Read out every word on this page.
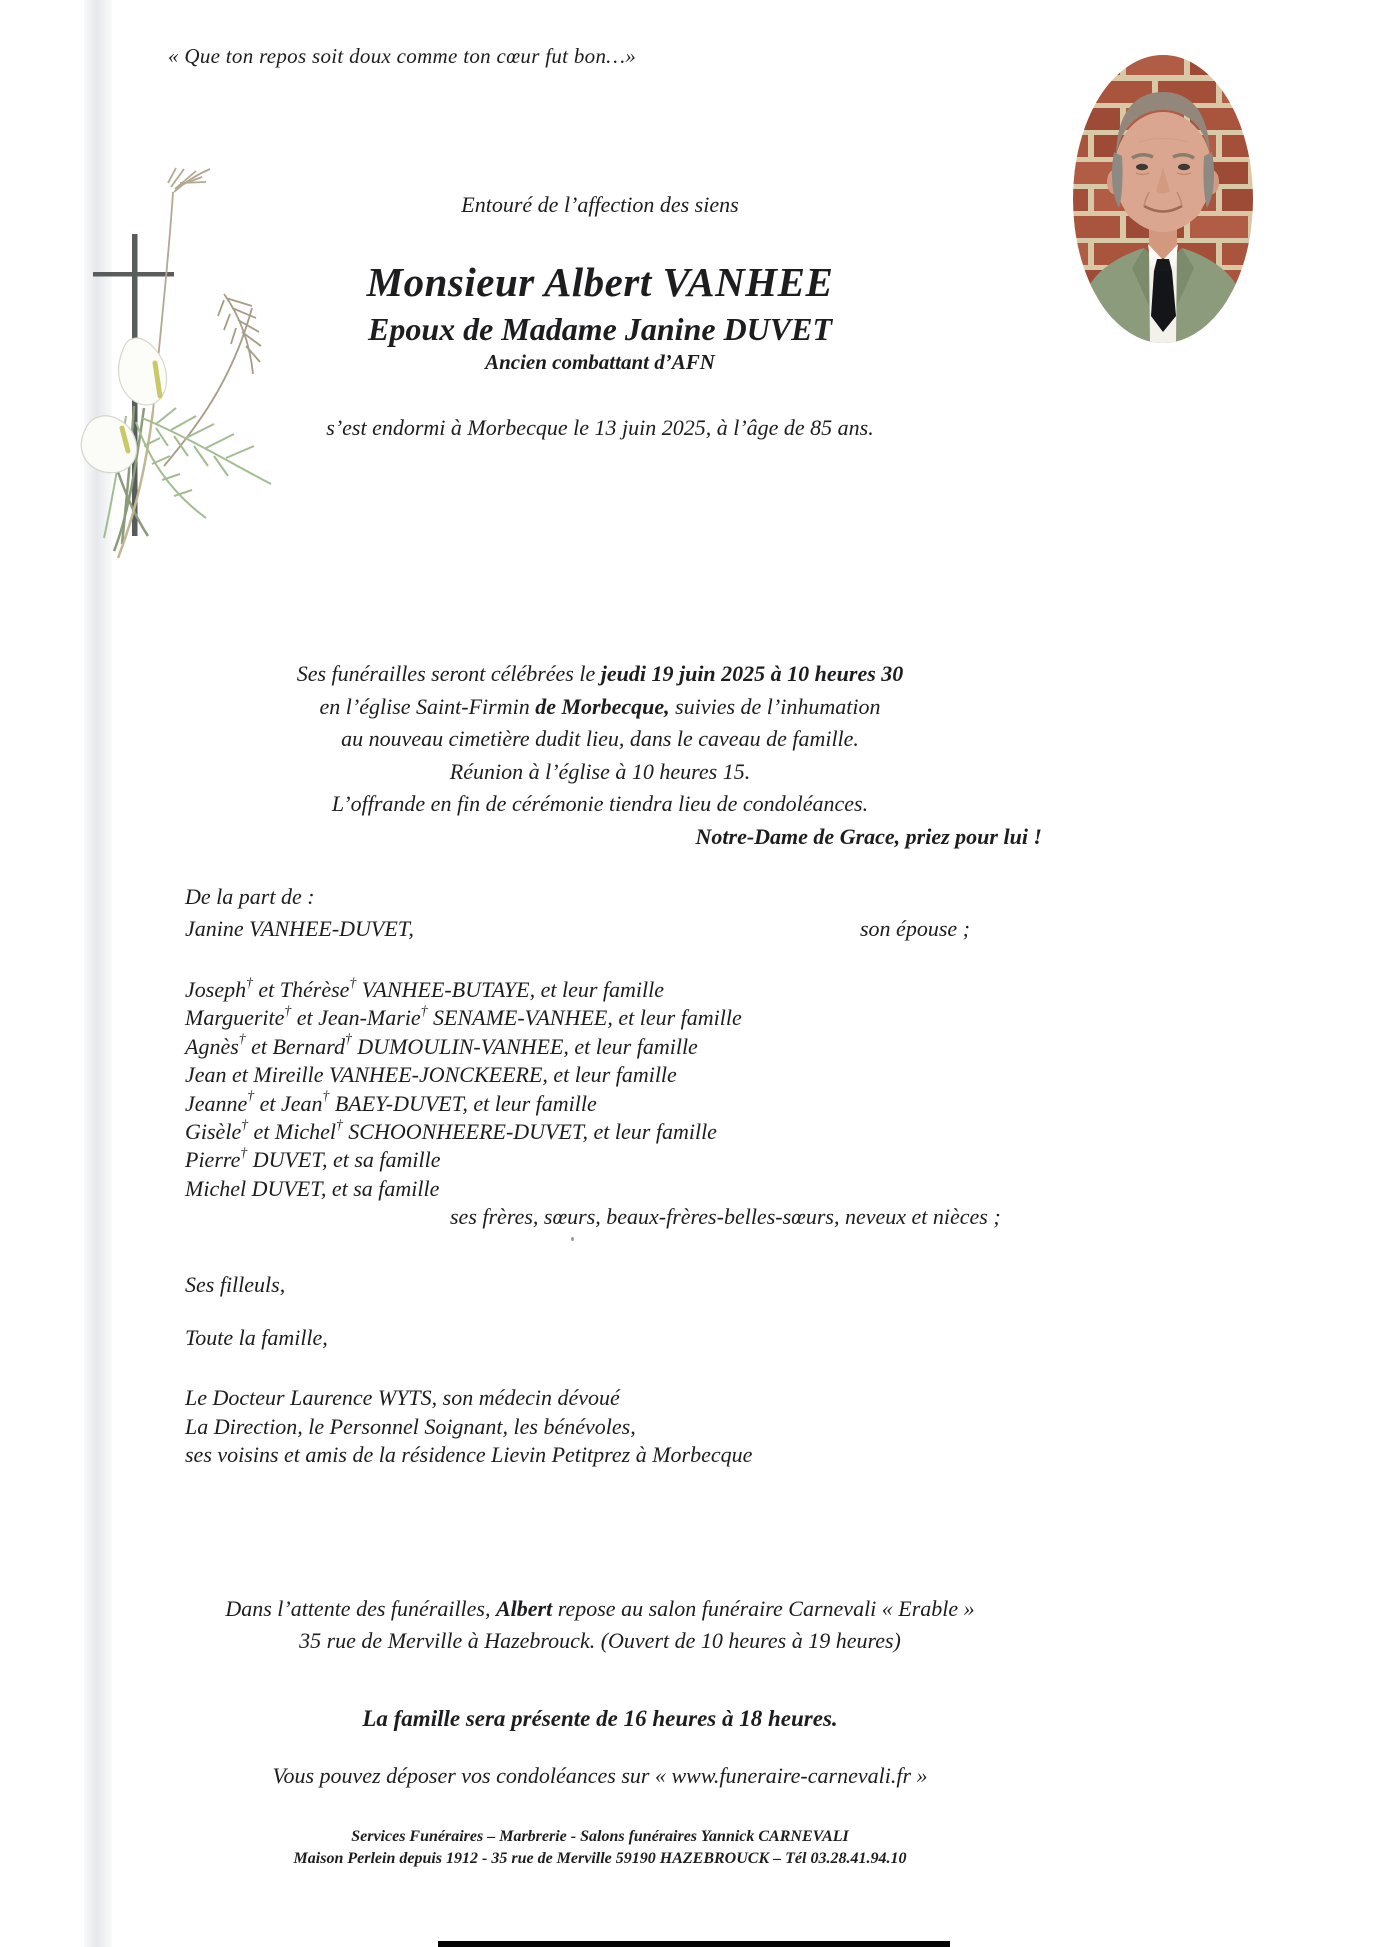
« Que ton repos soit doux comme ton cœur fut bon…»
Entouré de l’affection des siens
Monsieur Albert VANHEE
Epoux de Madame Janine DUVET
Ancien combattant d’AFN
s’est endormi à Morbecque le 13 juin 2025, à l’âge de 85 ans.
Ses funérailles seront célébrées le jeudi 19 juin 2025 à 10 heures 30
en l’église Saint-Firmin de Morbecque, suivies de l’inhumation
au nouveau cimetière dudit lieu, dans le caveau de famille.
Réunion à l’église à 10 heures 15.
L’offrande en fin de cérémonie tiendra lieu de condoléances.
Notre-Dame de Grace, priez pour lui !
De la part de :
Janine VANHEE-DUVET,	son épouse ;
Joseph† et Thérèse† VANHEE-BUTAYE, et leur famille
Marguerite† et Jean-Marie† SENAME-VANHEE, et leur famille
Agnès† et Bernard† DUMOULIN-VANHEE, et leur famille
Jean et Mireille VANHEE-JONCKEERE, et leur famille
Jeanne† et Jean† BAEY-DUVET, et leur famille
Gisèle† et Michel† SCHOONHEERE-DUVET, et leur famille
Pierre† DUVET, et sa famille
Michel DUVET, et sa famille
ses frères, sœurs, beaux-frères-belles-sœurs, neveux et nièces ;
Ses filleuls,
Toute la famille,
Le Docteur Laurence WYTS, son médecin dévoué
La Direction, le Personnel Soignant, les bénévoles,
ses voisins et amis de la résidence Lievin Petitprez à Morbecque
Dans l’attente des funérailles, Albert repose au salon funéraire Carnevali « Erable »
35 rue de Merville à Hazebrouck. (Ouvert de 10 heures à 19 heures)
La famille sera présente de 16 heures à 18 heures.
Vous pouvez déposer vos condoléances sur « www.funeraire-carnevali.fr »
Services Funéraires – Marbrerie - Salons funéraires Yannick CARNEVALI
Maison Perlein depuis 1912 - 35 rue de Merville 59190 HAZEBROUCK – Tél 03.28.41.94.10
